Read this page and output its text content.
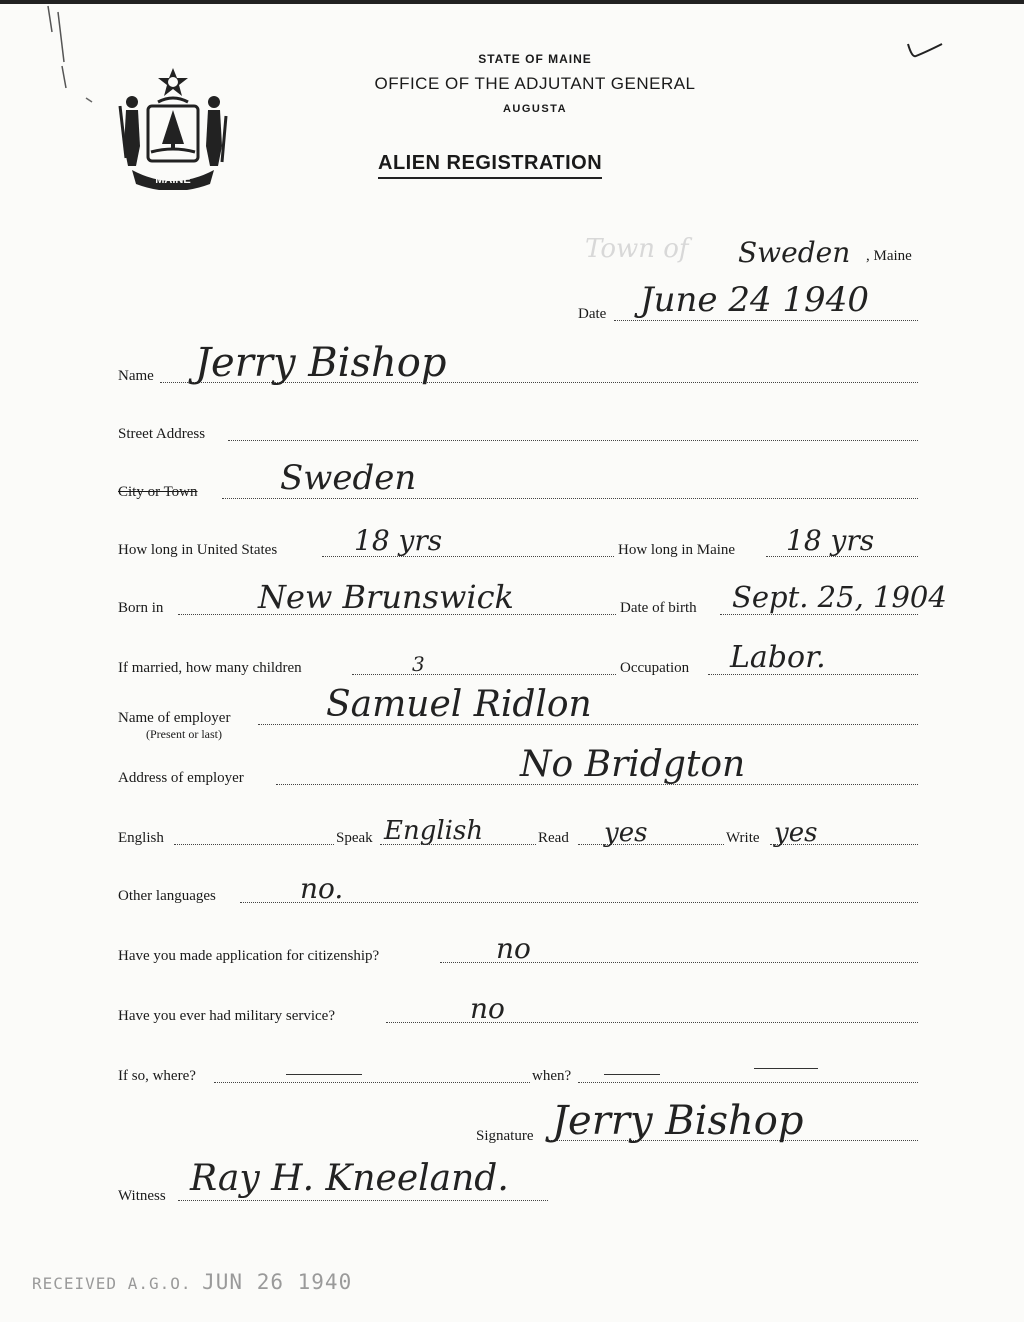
MAINE
STATE OF MAINE
OFFICE OF THE ADJUTANT GENERAL
AUGUSTA
ALIEN REGISTRATION
Town of Sweden , Maine
Date June 24 1940
Name Jerry Bishop
Street Address
City or Town Sweden
How long in United States	18 yrs	How long in Maine 18 yrs
Born in	New Brunswick	Date of birth Sept. 25, 1904
If married, how many children	3	Occupation Labor.
Name of employer
(Present or last)
Samuel Ridlon
Address of employer	No Bridgton
English	Speak English	Read yes	Write yes
Other languages	no.
Have you made application for citizenship?	no
Have you ever had military service?	no
If so, where?	when?
Signature Jerry Bishop
Witness Ray H. Kneeland.
RECEIVED A.G.O. JUN 26 1940
